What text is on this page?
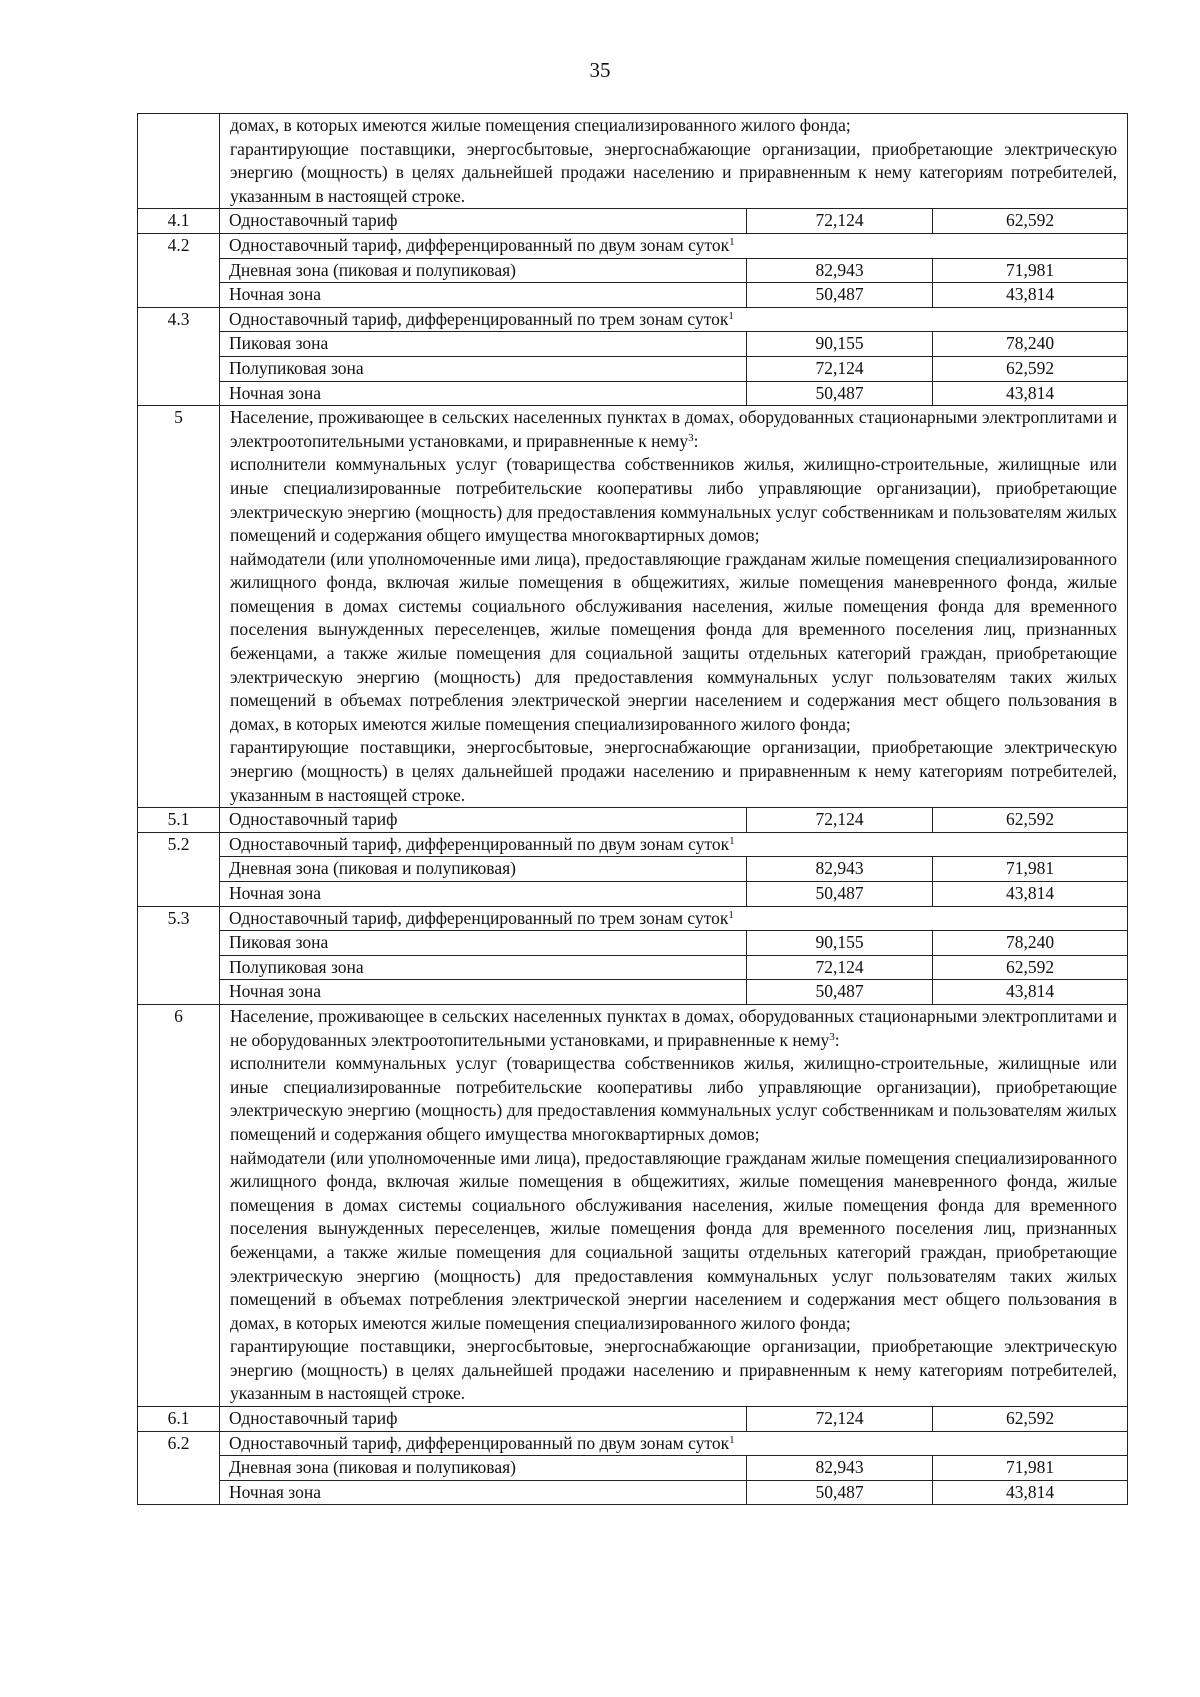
35

	домах, в которых имеются жилые помещения специализированного жилого фонда;
гарантирующие поставщики, энергосбытовые, энергоснабжающие организации, приобретающие электрическую энергию (мощность) в целях дальнейшей продажи населению и приравненным к нему категориям потребителей, указанным в настоящей строке.		

4.1	Одноставочный тариф	72,124	62,592
4.2	Одноставочный тариф, дифференцированный по двум зонам суток$^1$
	Дневная зона (пиковая и полупиковая)	82,943	71,981
	Ночная зона	50,487	43,814
4.3	Одноставочный тариф, дифференцированный по трем зонам суток$^1$
	Пиковая зона	90,155	78,240
	Полупиковая зона	72,124	62,592
	Ночная зона	50,487	43,814
5	Население, проживающее в сельских населенных пунктах в домах, оборудованных стационарными электроплитами и электроотопительными установками, и приравненные к нему$^3$:
исполнители коммунальных услуг (товарищества собственников жилья, жилищно-строительные, жилищные или иные специализированные потребительские кооперативы либо управляющие организации), приобретающие электрическую энергию (мощность) для предоставления коммунальных услуг собственникам и пользователям жилых помещений и содержания общего имущества многоквартирных домов;
наймодатели (или уполномоченные ими лица), предоставляющие гражданам жилые помещения специализированного жилищного фонда, включая жилые помещения в общежитиях, жилые помещения маневренного фонда, жилые помещения в домах системы социального обслуживания населения, жилые помещения фонда для временного поселения вынужденных переселенцев, жилые помещения фонда для временного поселения лиц, признанных беженцами, а также жилые помещения для социальной защиты отдельных категорий граждан, приобретающие электрическую энергию (мощность) для предоставления коммунальных услуг пользователям таких жилых помещений в объемах потребления электрической энергии населением и содержания мест общего пользования в домах, в которых имеются жилые помещения специализированного жилого фонда;
гарантирующие поставщики, энергосбытовые, энергоснабжающие организации, приобретающие электрическую энергию (мощность) в целях дальнейшей продажи населению и приравненным к нему категориям потребителей, указанным в настоящей строке.		

5.1	Одноставочный тариф	72,124	62,592
5.2	Одноставочный тариф, дифференцированный по двум зонам суток$^1$
	Дневная зона (пиковая и полупиковая)	82,943	71,981
	Ночная зона	50,487	43,814
5.3	Одноставочный тариф, дифференцированный по трем зонам суток$^1$
	Пиковая зона	90,155	78,240
	Полупиковая зона	72,124	62,592
	Ночная зона	50,487	43,814
6	Население, проживающее в сельских населенных пунктах в домах, оборудованных стационарными электроплитами и не оборудованных электроотопительными установками, и приравненные к нему$^3$:
исполнители коммунальных услуг (товарищества собственников жилья, жилищно-строительные, жилищные или иные специализированные потребительские кооперативы либо управляющие организации), приобретающие электрическую энергию (мощность) для предоставления коммунальных услуг собственникам и пользователям жилых помещений и содержания общего имущества многоквартирных домов;
наймодатели (или уполномоченные ими лица), предоставляющие гражданам жилые помещения специализированного жилищного фонда, включая жилые помещения в общежитиях, жилые помещения маневренного фонда, жилые помещения в домах системы социального обслуживания населения, жилые помещения фонда для временного поселения вынужденных переселенцев, жилые помещения фонда для временного поселения лиц, признанных беженцами, а также жилые помещения для социальной защиты отдельных категорий граждан, приобретающие электрическую энергию (мощность) для предоставления коммунальных услуг пользователям таких жилых помещений в объемах потребления электрической энергии населением и содержания мест общего пользования в домах, в которых имеются жилые помещения специализированного жилого фонда;
гарантирующие поставщики, энергосбытовые, энергоснабжающие организации, приобретающие электрическую энергию (мощность) в целях дальнейшей продажи населению и приравненным к нему категориям потребителей, указанным в настоящей строке.		

6.1	Одноставочный тариф	72,124	62,592
6.2	Одноставочный тариф, дифференцированный по двум зонам суток$^1$
	Дневная зона (пиковая и полупиковая)	82,943	71,981
	Ночная зона	50,487	43,814
